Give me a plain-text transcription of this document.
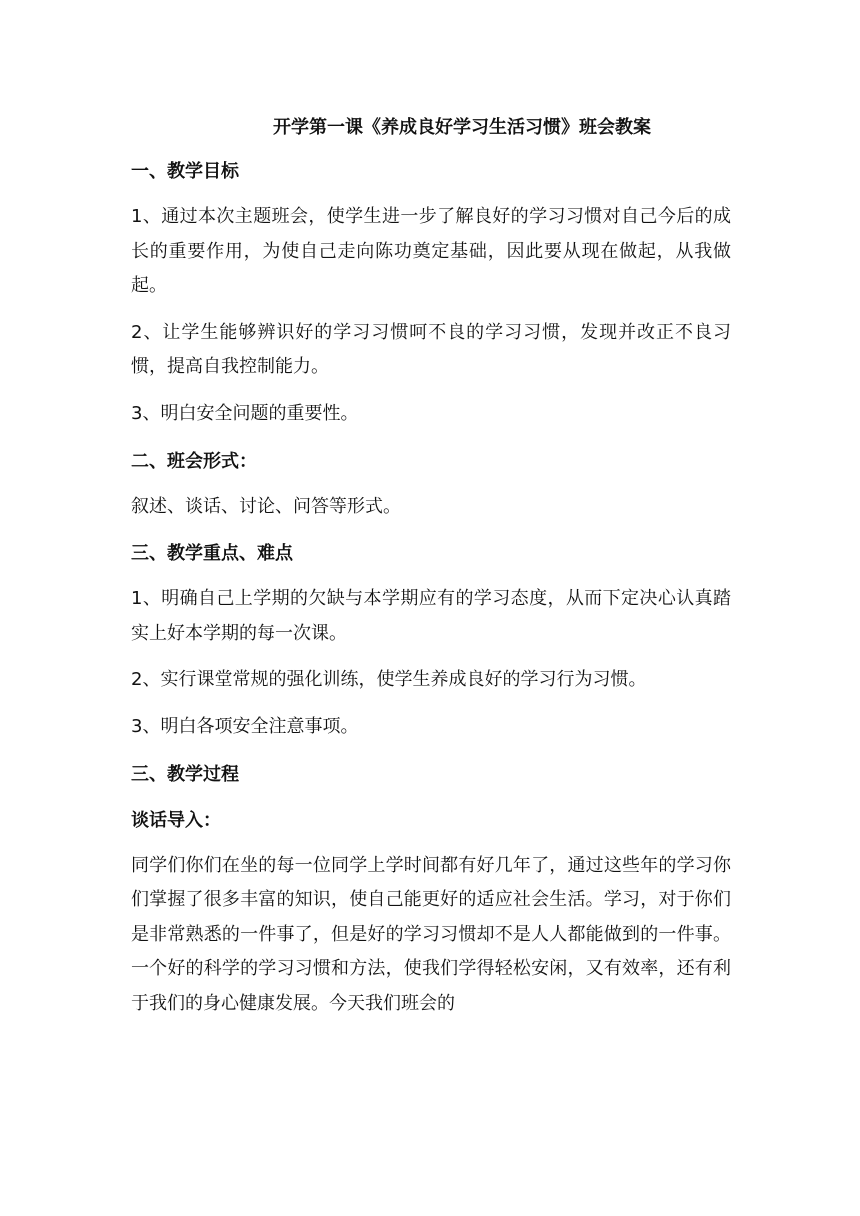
开学第一课《养成良好学习生活习惯》班会教案
一、教学目标

1、通过本次主题班会，使学生进一步了解良好的学习习惯对自己今后的成长的重要作用，为使自己走向陈功奠定基础，因此要从现在做起，从我做起。

2、让学生能够辨识好的学习习惯呵不良的学习习惯，发现并改正不良习惯，提高自我控制能力。

3、明白安全问题的重要性。

二、班会形式：

叙述、谈话、讨论、问答等形式。

三、教学重点、难点

1、明确自己上学期的欠缺与本学期应有的学习态度，从而下定决心认真踏实上好本学期的每一次课。

2、实行课堂常规的强化训练，使学生养成良好的学习行为习惯。

3、明白各项安全注意事项。

三、教学过程
谈话导入：

同学们你们在坐的每一位同学上学时间都有好几年了，通过这些年的学习你们掌握了很多丰富的知识，使自己能更好的适应社会生活。学习，对于你们是非常熟悉的一件事了，但是好的学习习惯却不是人人都能做到的一件事。一个好的科学的学习习惯和方法，使我们学得轻松安闲，又有效率，还有利于我们的身心健康发展。今天我们班会的
